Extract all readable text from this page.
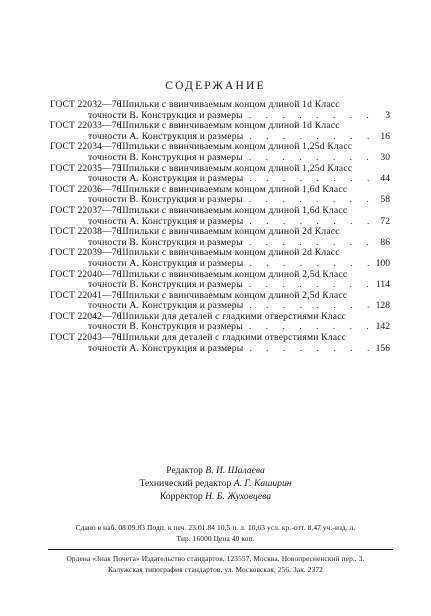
СОДЕРЖАНИЕ
ГОСТ 22032—76
Шпильки с ввинчиваемым концом длиной 1d Класс
точности В. Конструкция и размеры . . .	3
ГОСТ 22033—76
Шпильки с ввинчиваемым концом длиной 1d Класс
точности А. Конструкция и размеры . . .	16
ГОСТ 22034—76
Шпильки с ввинчиваемым концом длиной 1,25d Класс
точности В. Конструкция и размеры . . .	30
ГОСТ 22035—75
Шпильки с ввинчиваемым концом длиной 1,25d Класс
точности А. Конструкция и размеры . . .	44
ГОСТ 22036—76
Шпильки с ввинчиваемым концом длиной 1,6d Класс
точности В. Конструкция и размеры . . .	58
ГОСТ 22037—76
Шпильки с ввинчиваемым концом длиной 1,6d Класс
точности А. Конструкция и размеры . . .	72
ГОСТ 22038—76
Шпильки с ввинчиваемым концом длиной 2d Класс
точности В. Конструкция и размеры . . .	86
ГОСТ 22039—76
Шпильки с ввинчиваемым концом длиной 2d Класс
точности А. Конструкция и размеры . . .	100
ГОСТ 22040—76
Шпильки с ввинчиваемым концом длиной 2,5d Класс
точности В. Конструкция и размеры . . .	114
ГОСТ 22041—76
Шпильки с ввинчиваемым концом длиной 2,5d Класс
точности А. Конструкция и размеры . . .	128
ГОСТ 22042—76
Шпильки для деталей с гладкими отверстиями Класс
точности В. Конструкция и размеры . . .	142
ГОСТ 22043—76
Шпильки для деталей с гладкими отверстиями Класс
точности А. Конструкция и размеры . . .	156
Редактор В. И. Шалаева
Технический редактор А. Г. Каширин
Корректор Н. Б. Жуховцева
Сдано в наб. 08.09.83 Подп. к печ. 23.01.84 10,5 п. л. 10,63 усл. кр.-отт. 8,47 уч.-изд. л.
Тир. 16000 Цена 40 коп.
Ордена «Знак Почета» Издательство стандартов, 123557, Москва, Новопресненский пер., 3.
Калужская типография стандартов, ул. Московская, 256. Зак. 2372
